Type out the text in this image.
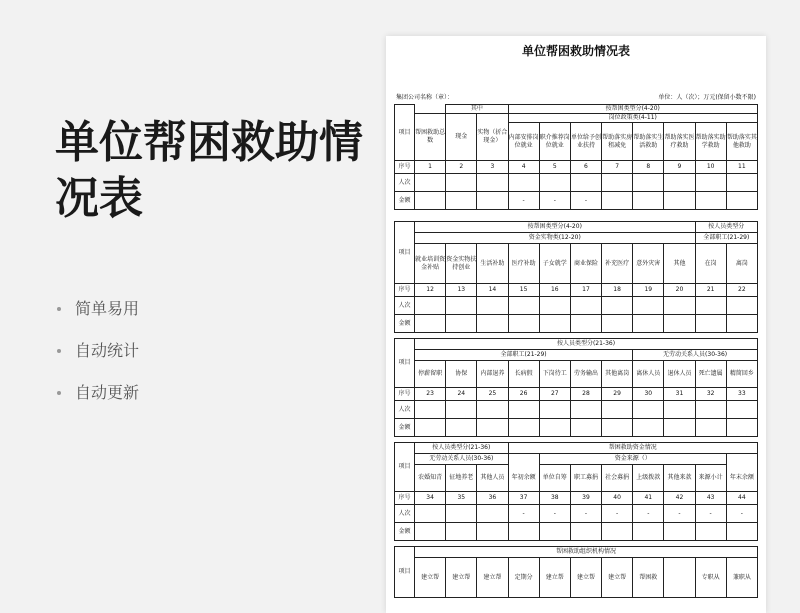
单位帮困救助情
况表
简单易用
自动统计
自动更新
单位帮困救助情况表
集团公司名称（章）：	单位：人（次）；万元(保留小数不限)
项目		其中		按帮困类型分(4-20)							
	帮困救助总数	现金	实物（折合现金）	岗位政策类(4-11)							
				内部安排岗位就业	职介推荐岗位就业	单位给予创业扶持	帮助落实房租减免	帮助落实生活救助	帮助落实医疗救助	帮助落实助学救助	帮助落实其他救助
序号	1	2	3	4	5	6	7	8	9	10	11
人次											
金额				-	-	-					
项目	按帮困类型分(4-20)									按人员类型分	
	资金实物类(12-20)									全部职工(21-29)	
	就业培训资金补贴	资金实物扶持创业	生活补助	医疗补助	子女就学	商业保险	补充医疗	意外灾害	其他	在岗	离岗
序号	12	13	14	15	16	17	18	19	20	21	22
人次											
金额											
项目	按人员类型分(21-36)										
	全部职工(21-29)							无劳动关系人员(30-36)			
	停薪留职	协保	内部退养	长病假	下岗待工	劳务输出	其他离岗	离休人员	退休人员	死亡遗属	精简回乡
序号	23	24	25	26	27	28	29	30	31	32	33
人次											
金额											
项目	按人员类型分(21-36)			帮困救助资金情况							
	无劳动关系人员(30-36)				资金来源（）						
	农婚知青	征地养老	其他人员	年初余额	单位自筹	职工募捐	社会募捐	上级拨款	其他来款	来源小计	年末余额
序号	34	35	36	37	38	39	40	41	42	43	44
人次				-	-	-	-	-	-	-	-
金额											
项目	帮困救助组织机构情况										
	建立帮	建立帮	建立帮	定期分	建立帮	建立帮	建立帮	帮困救		专职从	兼职从
